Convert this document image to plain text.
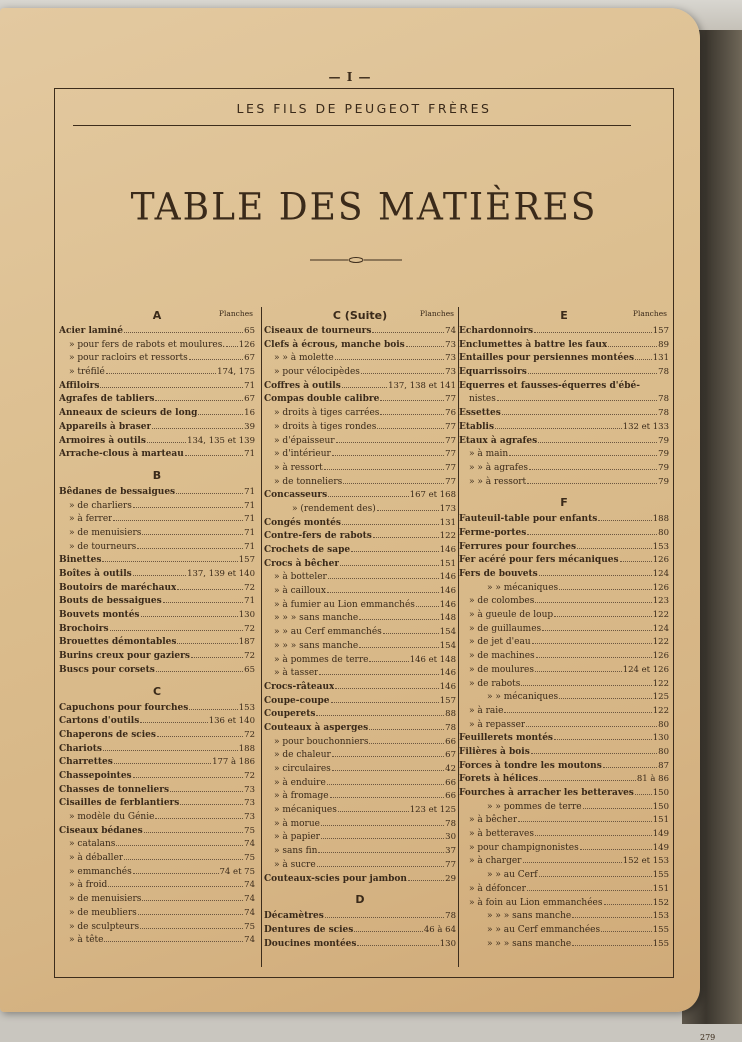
— I —
LES FILS DE PEUGEOT FRÈRES
TABLE DES MATIÈRES
A	Planches
Acier laminé	65
» pour fers de rabots et moulures. 126
» pour racloirs et ressorts	67
» tréfilé	174, 175
Affiloirs	71
Agrafes de tabliers	67
Anneaux de scieurs de long	16
Appareils à braser	39
Armoires à outils	134, 135 et 139
Arrache-clous à marteau	71
B
Bêdanes de bessaigues	71
» de charliers	71
» à ferrer	71
» de menuisiers	71
» de tourneurs	71
Binettes	157
Boîtes à outils	137, 139 et 140
Boutoirs de maréchaux	72
Bouts de bessaigues	71
Bouvets montés	130
Brochoirs	72
Brouettes démontables	187
Burins creux pour gaziers	72
Buscs pour corsets	65
C
Capuchons pour fourches	153
Cartons d'outils	136 et 140
Chaperons de scies	72
Chariots	188
Charrettes	177 à 186
Chassepointes	72
Chasses de tonneliers	73
Cisailles de ferblantiers	73
» modèle du Génie	73
Ciseaux bédanes	75
» catalans	74
» à déballer	75
» emmanchés	74 et 75
» à froid	74
» de menuisiers	74
» de meubliers	74
» de sculpteurs	75
» à tête	74
C (Suite)	Planches
Ciseaux de tourneurs	74
Clefs à écrous, manche bois	73
» » à molette	73
» pour vélocipèdes	73
Coffres à outils	137, 138 et 141
Compas double calibre	77
» droits à tiges carrées	76
» droits à tiges rondes	77
» d'épaisseur	77
» d'intérieur	77
» à ressort	77
» de tonneliers	77
Concasseurs	167 et 168
» (rendement des)	173
Congés montés	131
Contre-fers de rabots	122
Crochets de sape	146
Crocs à bêcher	151
» à botteler	146
» à cailloux	146
» à fumier au Lion emmanchés	146
» » » sans manche	148
» » au Cerf emmanchés	154
» » » sans manche	154
» à pommes de terre	146 et 148
» à tasser	146
Crocs-râteaux	146
Coupe-coupe	157
Couperets	88
Couteaux à asperges	78
» pour bouchonniers	66
» de chaleur	67
» circulaires	42
» à enduire	66
» à fromage	66
» mécaniques	123 et 125
» à morue	78
» à papier	30
» sans fin	37
» à sucre	77
Couteaux-scies pour jambon	29
D
Décamètres	78
Dentures de scies	46 à 64
Doucines montées	130
E	Planches
Echardonnoirs	157
Enclumettes à battre les faux	89
Entailles pour persiennes montées 131
Equarrissoirs	78
Equerres et fausses-équerres d'ébé-
nistes	78
Essettes	78
Etablis	132 et 133
Etaux à agrafes	79
» à main	79
» » à agrafes	79
» » à ressort	79
F
Fauteuil-table pour enfants	188
Ferme-portes	80
Ferrures pour fourches	153
Fer acéré pour fers mécaniques	126
Fers de bouvets	124
» » mécaniques	126
» de colombes	123
» à gueule de loup	122
» de guillaumes	124
» de jet d'eau	122
» de machines	126
» de moulures	124 et 126
» de rabots	122
» » mécaniques	125
» à raie	122
» à repasser	80
Feuillerets montés	130
Filières à bois	80
Forces à tondre les moutons	87
Forets à hélices	81 à 86
Fourches à arracher les betteraves 150
» » pommes de terre	150
» à bêcher	151
» à betteraves	149
» pour champignonistes	149
» à charger	152 et 153
» » au Cerf	155
» à défoncer	151
» à foin au Lion emmanchées	152
» » » sans manche	153
» » au Cerf emmanchées	155
» » » sans manche	155
279
